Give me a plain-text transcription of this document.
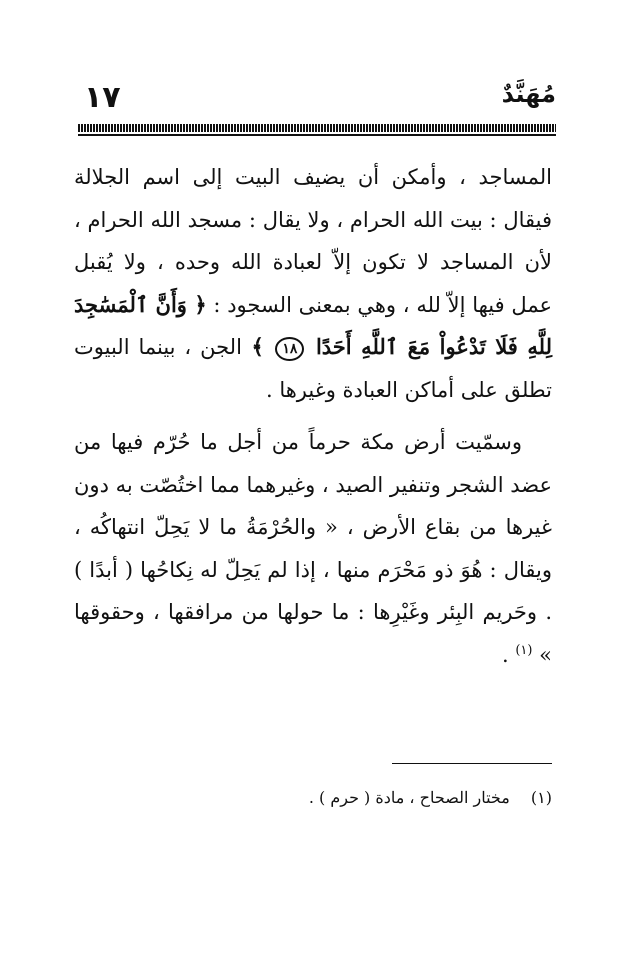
١٧	مُهَنَّدٌ

المساجد ، وأمكن أن يضيف البيت إلى اسم الجلالة فيقال : بيت الله الحرام ، ولا يقال : مسجد الله الحرام ، لأن المساجد لا تكون إلاّ لعبادة الله وحده ، ولا يُقبل عمل فيها إلاّ لله ، وهي بمعنى السجود : ﴿ وَأَنَّ ٱلْمَسَٰجِدَ لِلَّهِ فَلَا تَدْعُواْ مَعَ ٱللَّهِ أَحَدًا ١٨ ﴾ الجن ، بينما البيوت تطلق على أماكن العبادة وغيرها .

وسمّيت أرض مكة حرماً من أجل ما حُرّم فيها من عضد الشجر وتنفير الصيد ، وغيرهما مما اختُصّت به دون غيرها من بقاع الأرض ، « والحُرْمَةُ ما لا يَحِلّ انتهاكُه ، ويقال : هُوَ ذو مَحْرَم منها ، إذا لم يَحِلّ له نِكاحُها ( أبدًا ) . وحَريم البِئر وغَيْرِها : ما حولها من مرافقها ، وحقوقها » $^{(١)}$ .

(١) مختار الصحاح ، مادة ( حرم ) .
